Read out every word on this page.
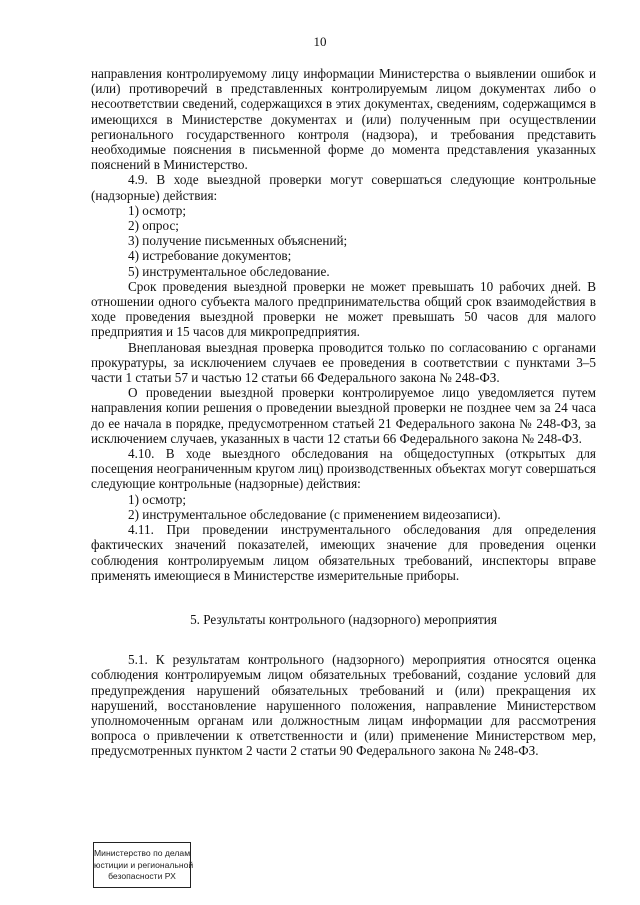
10

направления контролируемому лицу информации Министерства о выявлении ошибок и (или) противоречий в представленных контролируемым лицом документах либо о несоответствии сведений, содержащихся в этих документах, сведениям, содержащимся в имеющихся в Министерстве документах и (или) полученным при осуществлении регионального государственного контроля (надзора), и требования представить необходимые пояснения в письменной форме до момента представления указанных пояснений в Министерство.

4.9. В ходе выездной проверки могут совершаться следующие контрольные (надзорные) действия:

1) осмотр;

2) опрос;

3) получение письменных объяснений;

4) истребование документов;

5) инструментальное обследование.

Срок проведения выездной проверки не может превышать 10 рабочих дней. В отношении одного субъекта малого предпринимательства общий срок взаимодействия в ходе проведения выездной проверки не может превышать 50 часов для малого предприятия и 15 часов для микропредприятия.

Внеплановая выездная проверка проводится только по согласованию с органами прокуратуры, за исключением случаев ее проведения в соответствии с пунктами 3–5 части 1 статьи 57 и частью 12 статьи 66 Федерального закона № 248-ФЗ.

О проведении выездной проверки контролируемое лицо уведомляется путем направления копии решения о проведении выездной проверки не позднее чем за 24 часа до ее начала в порядке, предусмотренном статьей 21 Федерального закона № 248-ФЗ, за исключением случаев, указанных в части 12 статьи 66 Федерального закона № 248-ФЗ.

4.10. В ходе выездного обследования на общедоступных (открытых для посещения неограниченным кругом лиц) производственных объектах могут совершаться следующие контрольные (надзорные) действия:

1) осмотр;

2) инструментальное обследование (с применением видеозаписи).

4.11. При проведении инструментального обследования для определения фактических значений показателей, имеющих значение для проведения оценки соблюдения контролируемым лицом обязательных требований, инспекторы вправе применять имеющиеся в Министерстве измерительные приборы.

5. Результаты контрольного (надзорного) мероприятия

5.1. К результатам контрольного (надзорного) мероприятия относятся оценка соблюдения контролируемым лицом обязательных требований, создание условий для предупреждения нарушений обязательных требований и (или) прекращения их нарушений, восстановление нарушенного положения, направление Министерством уполномоченным органам или должностным лицам информации для рассмотрения вопроса о привлечении к ответственности и (или) применение Министерством мер, предусмотренных пунктом 2 части 2 статьи 90 Федерального закона № 248-ФЗ.

Министерство по делам
юстиции и региональной
безопасности РХ
